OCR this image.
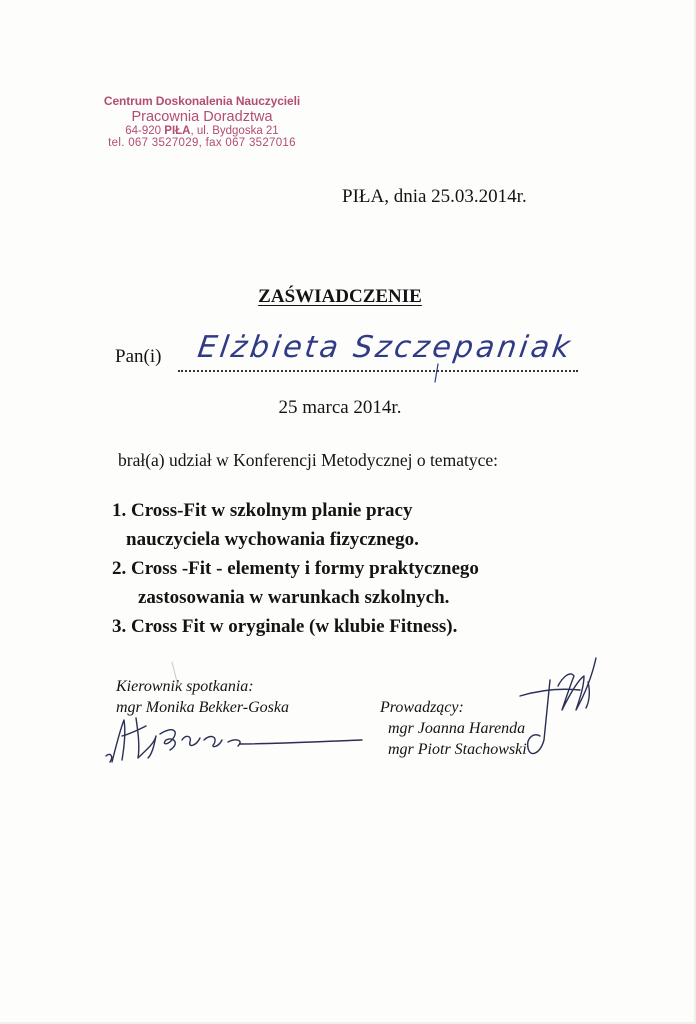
Centrum Doskonalenia Nauczycieli
Pracownia Doradztwa
64-920 PIŁA, ul. Bydgoska 21
tel. 067 3527029, fax 067 3527016
PIŁA, dnia 25.03.2014r.
ZAŚWIADCZENIE
Pan(i) Elżbieta Szczepaniak
25 marca 2014r.
brał(a) udział w Konferencji Metodycznej o tematyce:
1. Cross-Fit w szkolnym planie pracy
nauczyciela wychowania fizycznego.
2. Cross -Fit - elementy i formy praktycznego
zastosowania w warunkach szkolnych.
3. Cross Fit w oryginale (w klubie Fitness).
Kierownik spotkania:
mgr Monika Bekker-Goska	Prowadzący:
mgr Joanna Harenda
mgr Piotr Stachowski
